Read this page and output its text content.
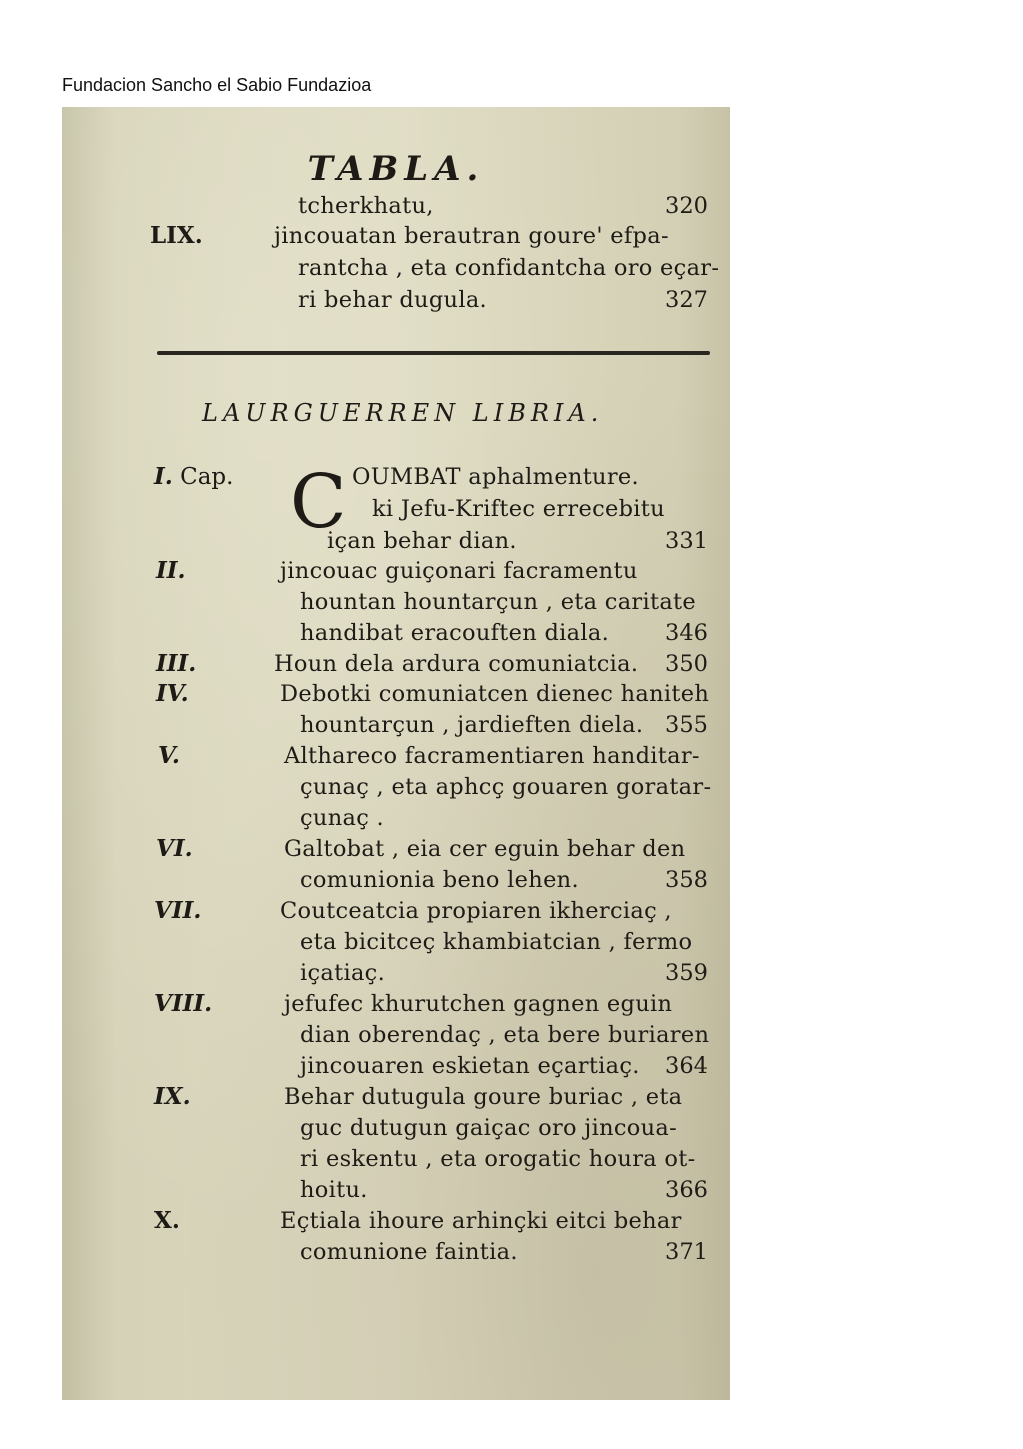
Fundacion Sancho el Sabio Fundazioa
TABLA.
tcherkhatu,	320
LIX.	jincouatan berautran goure' efpa-
rantcha , eta confidantcha oro eçar-
ri behar dugula.	327
LAURGUERREN LIBRIA.
I. Cap. C OUMBAT aphalmenture.
ki Jefu-Kriftec errecebitu
içan behar dian.	331
II.	jincouac guiçonari facramentu
hountan hountarçun , eta caritate
handibat eracouften diala. 346
III.	Houn dela ardura comuniatcia. 350
IV.	Debotki comuniatcen dienec haniteh
hountarçun , jardieften diela. 355
V.	Althareco facramentiaren handitar-
çunaç , eta aphcç gouaren goratar-
çunaç .
VI.	Galtobat , eia cer eguin behar den
comunionia beno lehen.	358
VII.	Coutceatcia propiaren ikherciaç ,
eta bicitceç khambiatcian , fermo
içatiaç.	359
VIII.	jefufec khurutchen gagnen eguin
dian oberendaç , eta bere buriaren
jincouaren eskietan eçartiaç. 364
IX.	Behar dutugula goure buriac , eta
guc dutugun gaiçac oro jincoua-
ri eskentu , eta orogatic houra ot-
hoitu.	366
X.	Eçtiala ihoure arhinçki eitci behar
comunione faintia.	371
